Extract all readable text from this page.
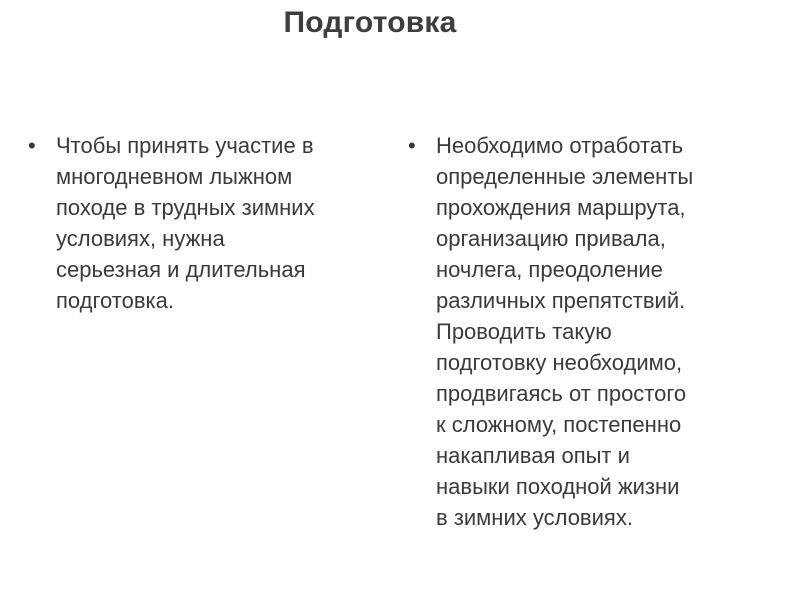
Подготовка
• Чтобы принять участие в
многодневном лыжном
походе в трудных зимних
условиях, нужна
серьезная и длительная
подготовка.
• Необходимо отработать
определенные элементы
прохождения маршрута,
организацию привала,
ночлега, преодоление
различных препятствий.
Проводить такую
подготовку необходимо,
продвигаясь от простого
к сложному, постепенно
накапливая опыт и
навыки походной жизни
в зимних условиях.
